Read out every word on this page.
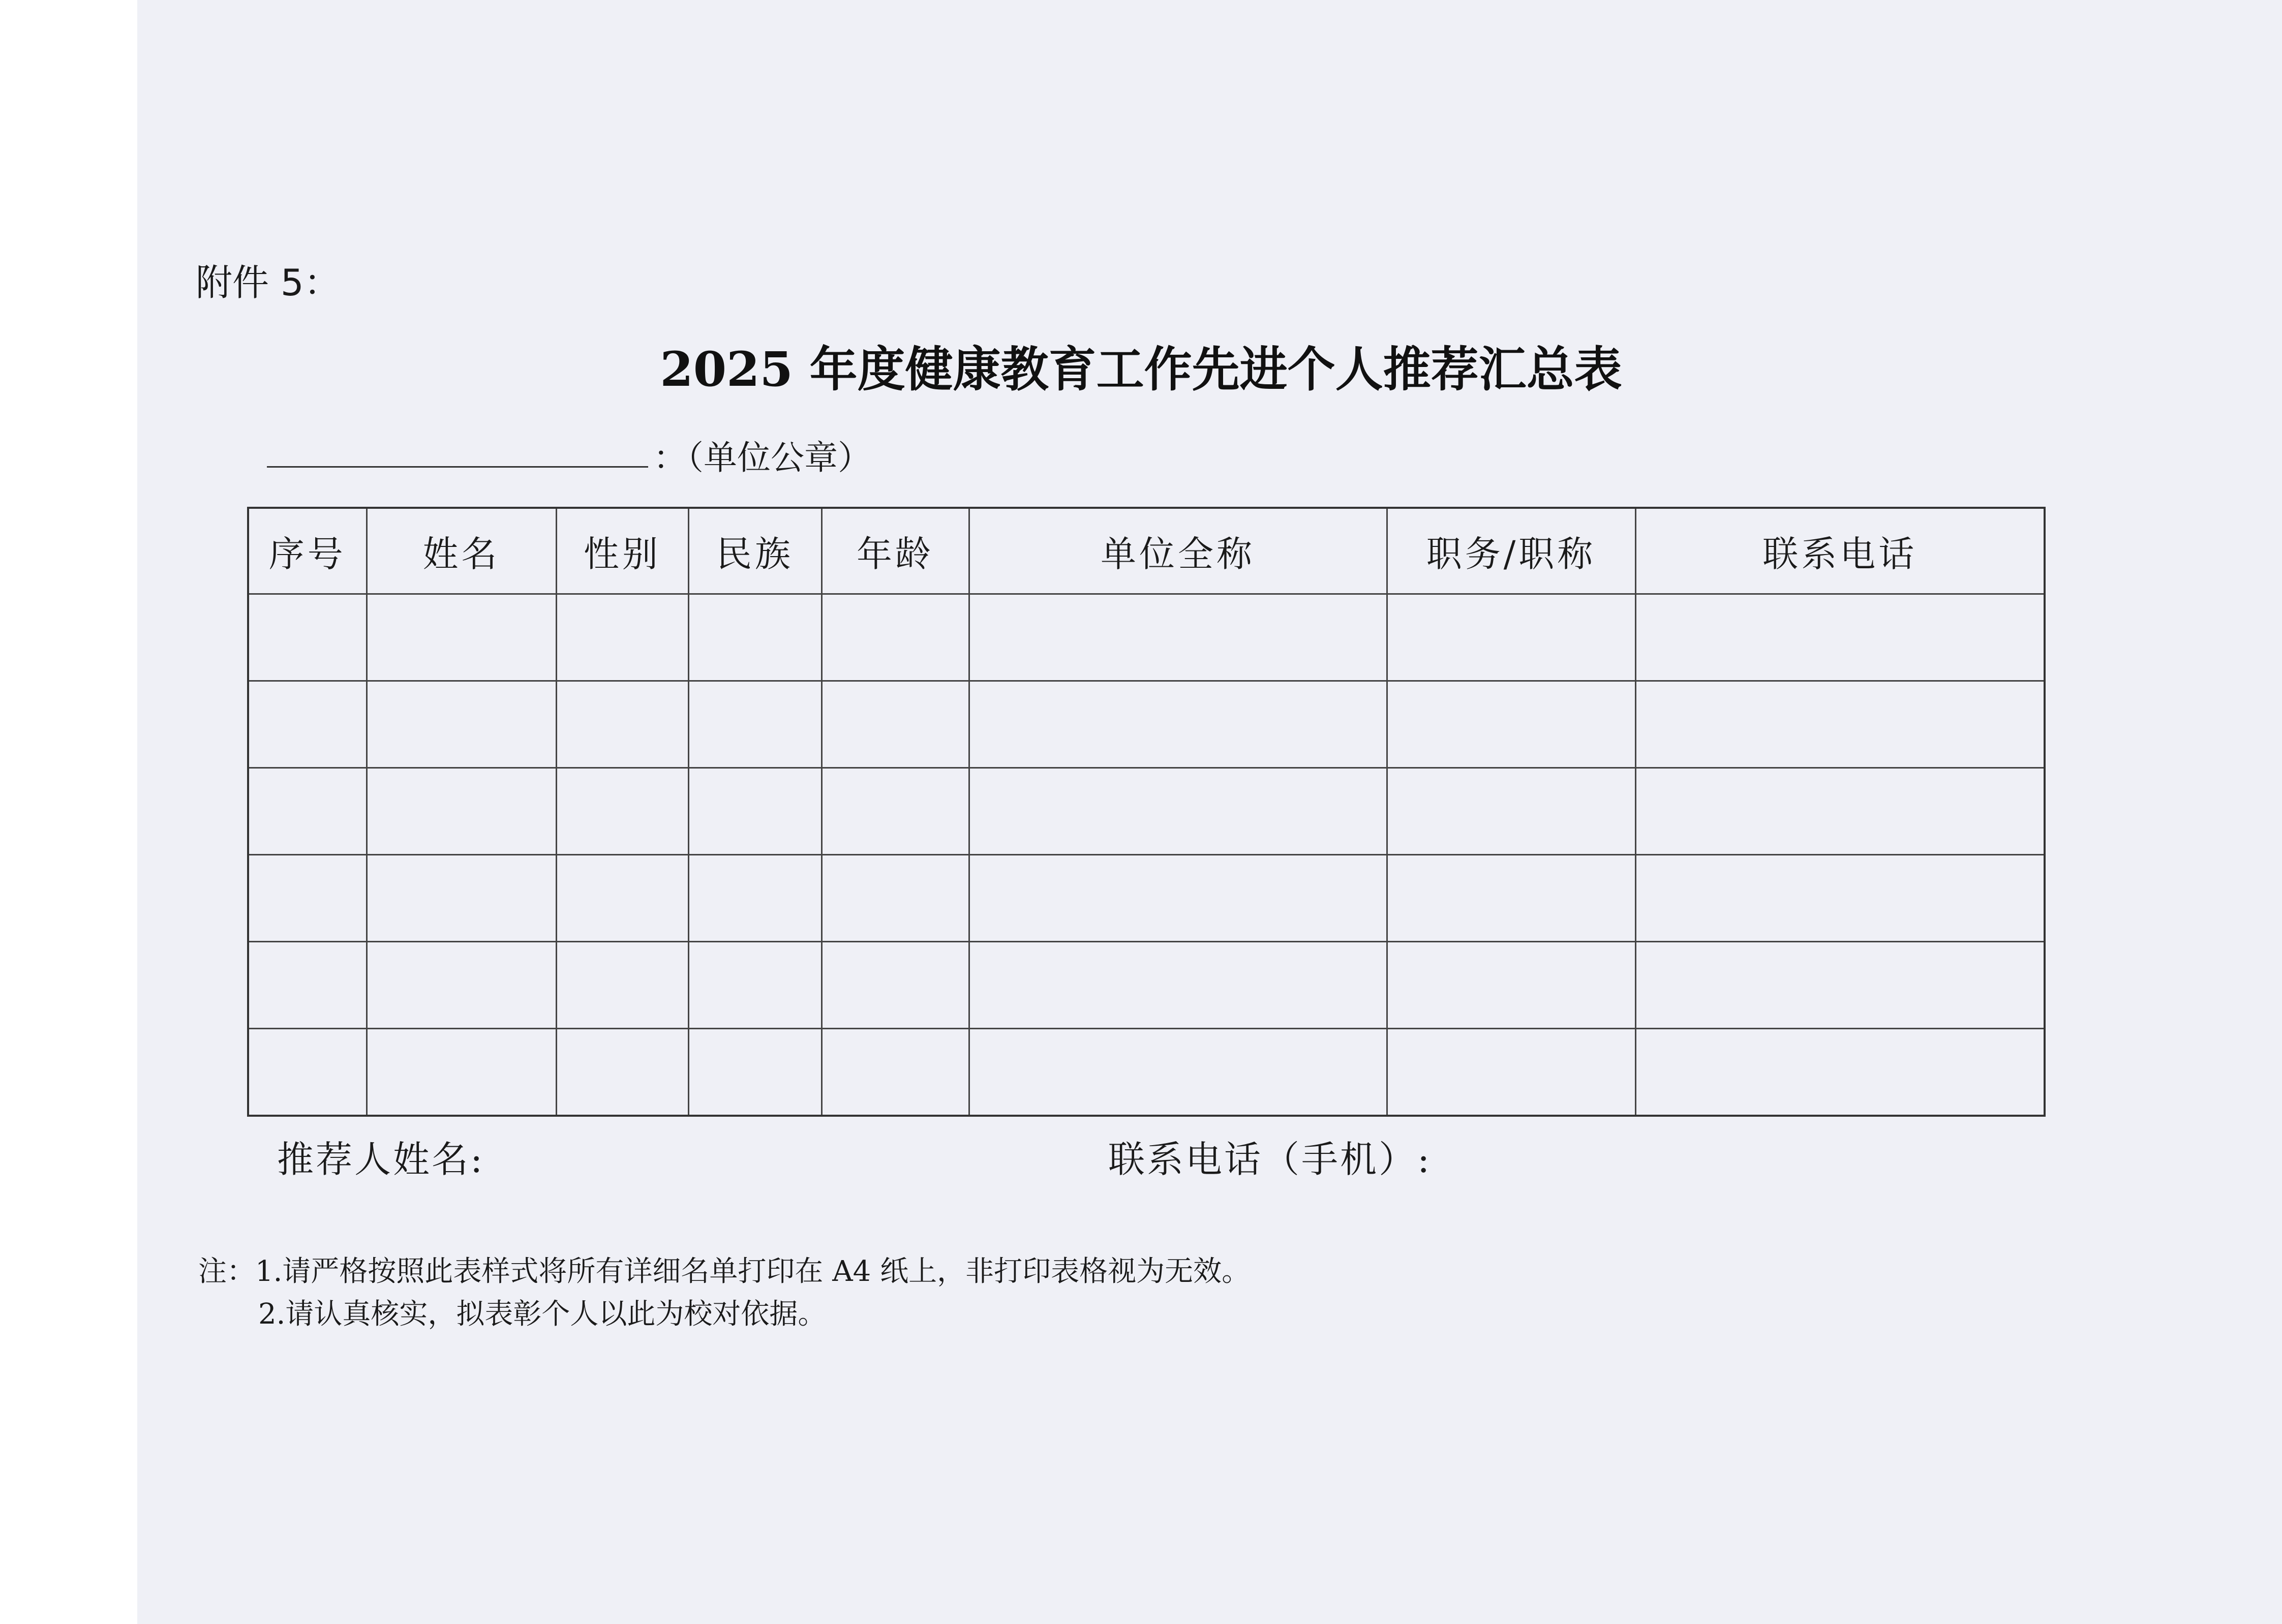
附件 5：
2025 年度健康教育工作先进个人推荐汇总表
：（单位公章）
序号	姓名	性别	民族	年龄	单位全称	职务/职称	联系电话

推荐人姓名:	联系电话（手机）:
注：1.请严格按照此表样式将所有详细名单打印在 A4 纸上，非打印表格视为无效。
2.请认真核实，拟表彰个人以此为校对依据。
